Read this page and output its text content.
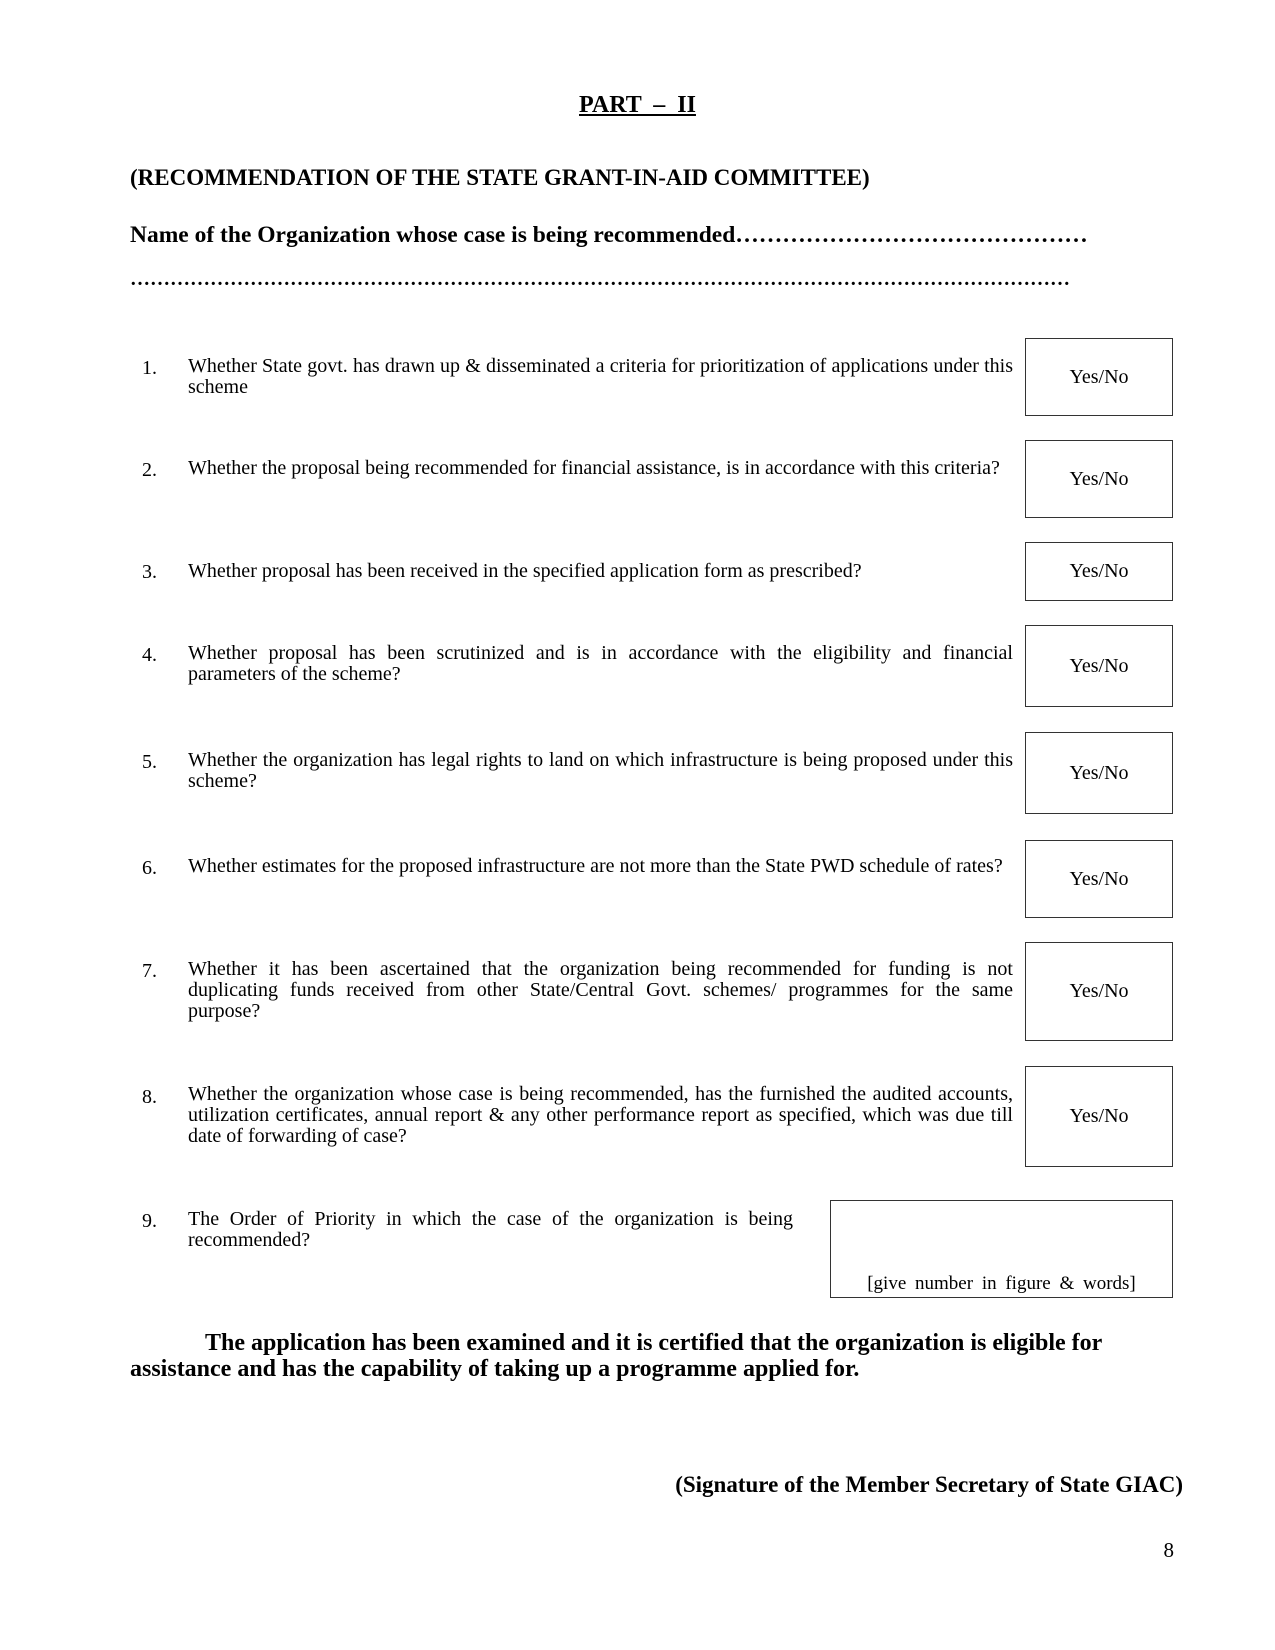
PART  –  II
(RECOMMENDATION OF THE STATE GRANT-IN-AID COMMITTEE)
Name of the Organization whose case is being recommended………………………………………
……………………………………………………………………………………………………………………………
1. Whether State govt. has drawn up & disseminated a criteria for prioritization of applications under this scheme	Yes/No
2. Whether the proposal being recommended for financial assistance, is in accordance with this criteria?	Yes/No
3. Whether proposal has been received in the specified application form as prescribed?	Yes/No
4. Whether proposal has been scrutinized and is in accordance with the eligibility and financial parameters of the scheme?	Yes/No
5. Whether the organization has legal rights to land on which infrastructure is being proposed under this scheme?	Yes/No
6. Whether estimates for the proposed infrastructure are not more than the State PWD schedule of rates?
Yes/No
7. Whether it has been ascertained that the organization being recommended for funding is not duplicating funds received from other State/Central Govt. schemes/ programmes for the same purpose?
Yes/No
8. Whether the organization whose case is being recommended, has the furnished the audited accounts, utilization certificates, annual report & any other performance report as specified, which was due till date of forwarding of case?
Yes/No
9. The Order of Priority in which the case of the organization is being recommended?
[give number in figure & words]
The application has been examined and it is certified that the organization is eligible for assistance and has the capability of taking up a programme applied for.
(Signature of the Member Secretary of State GIAC)
8
